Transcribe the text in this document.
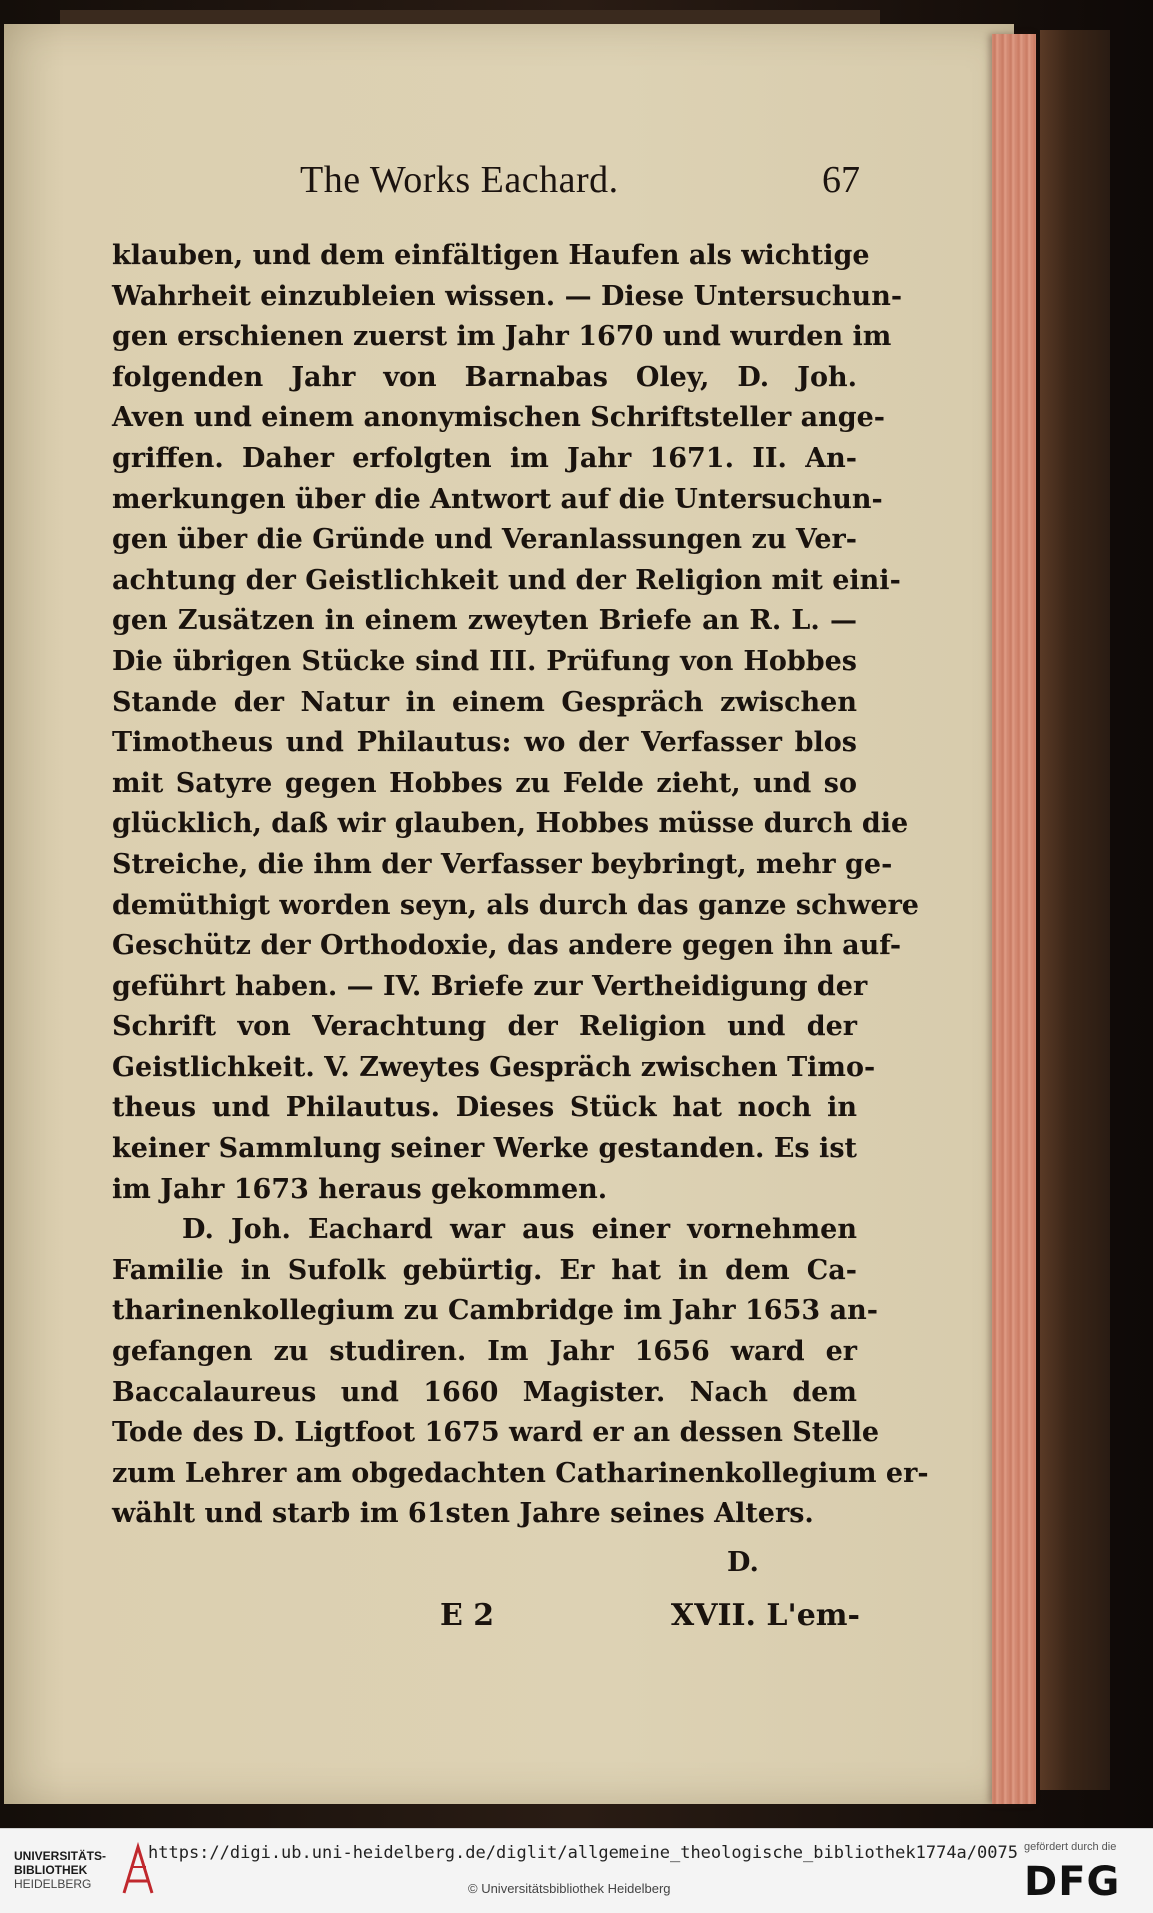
The Works Eachard.	67
klauben, und dem einfältigen Haufen als wichtige
Wahrheit einzubleien wissen. — Diese Untersuchun-
gen erschienen zuerst im Jahr 1670 und wurden im
folgenden Jahr von Barnabas Oley, D. Joh.
Aven und einem anonymischen Schriftsteller ange-
griffen. Daher erfolgten im Jahr 1671. II. An-
merkungen über die Antwort auf die Untersuchun-
gen über die Gründe und Veranlassungen zu Ver-
achtung der Geistlichkeit und der Religion mit eini-
gen Zusätzen in einem zweyten Briefe an R. L. —
Die übrigen Stücke sind III. Prüfung von Hobbes
Stande der Natur in einem Gespräch zwischen
Timotheus und Philautus: wo der Verfasser blos
mit Satyre gegen Hobbes zu Felde zieht, und so
glücklich, daß wir glauben, Hobbes müsse durch die
Streiche, die ihm der Verfasser beybringt, mehr ge-
demüthigt worden seyn, als durch das ganze schwere
Geschütz der Orthodoxie, das andere gegen ihn auf-
geführt haben. — IV. Briefe zur Vertheidigung der
Schrift von Verachtung der Religion und der
Geistlichkeit. V. Zweytes Gespräch zwischen Timo-
theus und Philautus. Dieses Stück hat noch in
keiner Sammlung seiner Werke gestanden. Es ist
im Jahr 1673 heraus gekommen.
D. Joh. Eachard war aus einer vornehmen
Familie in Sufolk gebürtig. Er hat in dem Ca-
tharinenkollegium zu Cambridge im Jahr 1653 an-
gefangen zu studiren. Im Jahr 1656 ward er
Baccalaureus und 1660 Magister. Nach dem
Tode des D. Ligtfoot 1675 ward er an dessen Stelle
zum Lehrer am obgedachten Catharinenkollegium er-
wählt und starb im 61sten Jahre seines Alters.
D.
E 2	XVII. L'em-
UNIVERSITÄTS-
BIBLIOTHEK
HEIDELBERG
https://digi.ub.uni-heidelberg.de/diglit/allgemeine_theologische_bibliothek1774a/0075
© Universitätsbibliothek Heidelberg
gefördert durch die
DFG
